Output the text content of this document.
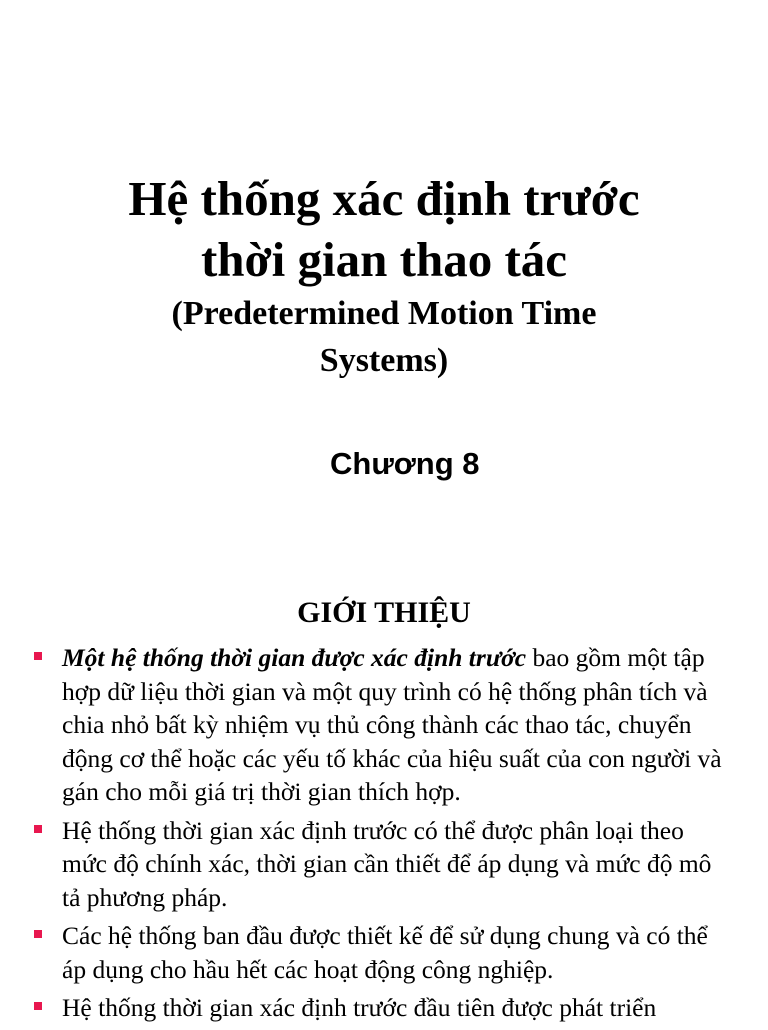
Hệ thống xác định trước
thời gian thao tác
(Predetermined Motion Time
Systems)
Chương 8
GIỚI THIỆU
Một hệ thống thời gian được xác định trước bao gồm một tập hợp dữ liệu thời gian và một quy trình có hệ thống phân tích và chia nhỏ bất kỳ nhiệm vụ thủ công thành các thao tác, chuyển động cơ thể hoặc các yếu tố khác của hiệu suất của con người và gán cho mỗi giá trị thời gian thích hợp.
Hệ thống thời gian xác định trước có thể được phân loại theo mức độ chính xác, thời gian cần thiết để áp dụng và mức độ mô tả phương pháp.
Các hệ thống ban đầu được thiết kế để sử dụng chung và có thể áp dụng cho hầu hết các hoạt động công nghiệp.
Hệ thống thời gian xác định trước đầu tiên được phát triển
